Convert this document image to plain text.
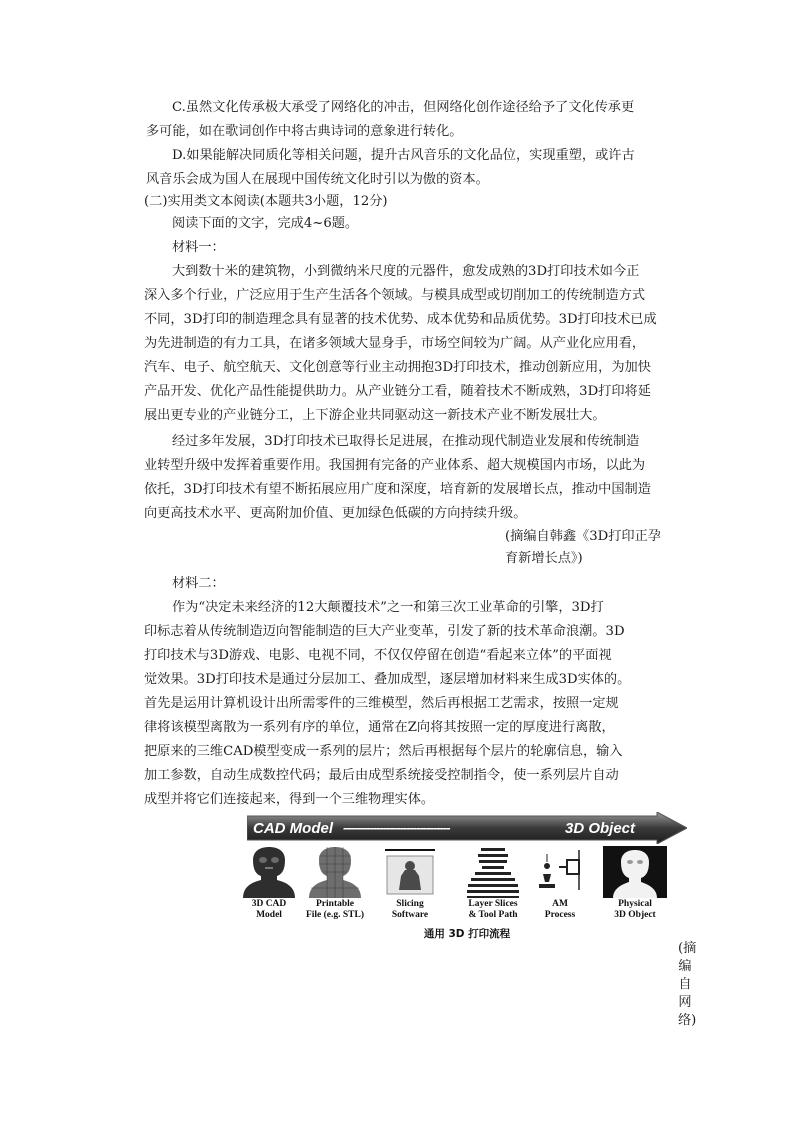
C.虽然文化传承极大承受了网络化的冲击，但网络化创作途径给予了文化传承更
多可能，如在歌词创作中将古典诗词的意象进行转化。
D.如果能解决同质化等相关问题，提升古风音乐的文化品位，实现重塑，或许古
风音乐会成为国人在展现中国传统文化时引以为傲的资本。
(二)实用类文本阅读(本题共3小题，12分)
阅读下面的文字，完成4~6题。
材料一：
大到数十米的建筑物，小到微纳米尺度的元器件，愈发成熟的3D打印技术如今正
深入多个行业，广泛应用于生产生活各个领域。与模具成型或切削加工的传统制造方式
不同，3D打印的制造理念具有显著的技术优势、成本优势和品质优势。3D打印技术已成
为先进制造的有力工具，在诸多领域大显身手，市场空间较为广阔。从产业化应用看，
汽车、电子、航空航天、文化创意等行业主动拥抱3D打印技术，推动创新应用，为加快
产品开发、优化产品性能提供助力。从产业链分工看，随着技术不断成熟，3D打印将延
展出更专业的产业链分工，上下游企业共同驱动这一新技术产业不断发展壮大。
经过多年发展，3D打印技术已取得长足进展，在推动现代制造业发展和传统制造
业转型升级中发挥着重要作用。我国拥有完备的产业体系、超大规模国内市场，以此为
依托，3D打印技术有望不断拓展应用广度和深度，培育新的发展增长点，推动中国制造
向更高技术水平、更高附加价值、更加绿色低碳的方向持续升级。
(摘编自韩鑫《3D打印正孕
育新增长点》)
材料二：
作为“决定未来经济的12大颠覆技术”之一和第三次工业革命的引擎，3D打
印标志着从传统制造迈向智能制造的巨大产业变革，引发了新的技术革命浪潮。3D
打印技术与3D游戏、电影、电视不同，不仅仅停留在创造“看起来立体”的平面视
觉效果。3D打印技术是通过分层加工、叠加成型，逐层增加材料来生成3D实体的。
首先是运用计算机设计出所需零件的三维模型，然后再根据工艺需求，按照一定规
律将该模型离散为一系列有序的单位，通常在Z向将其按照一定的厚度进行离散，
把原来的三维CAD模型变成一系列的层片；然后再根据每个层片的轮廓信息，输入
加工参数，自动生成数控代码；最后由成型系统接受控制指令，使一系列层片自动
成型并将它们连接起来，得到一个三维物理实体。
CAD Model --------------------------------	3D Object
3D CAD
Model
Printable
File (e.g. STL)
Slicing
Software
Layer Slices
& Tool Path
AM
Process
Physical
3D Object
通用 3D 打印流程
(摘编自网络)
